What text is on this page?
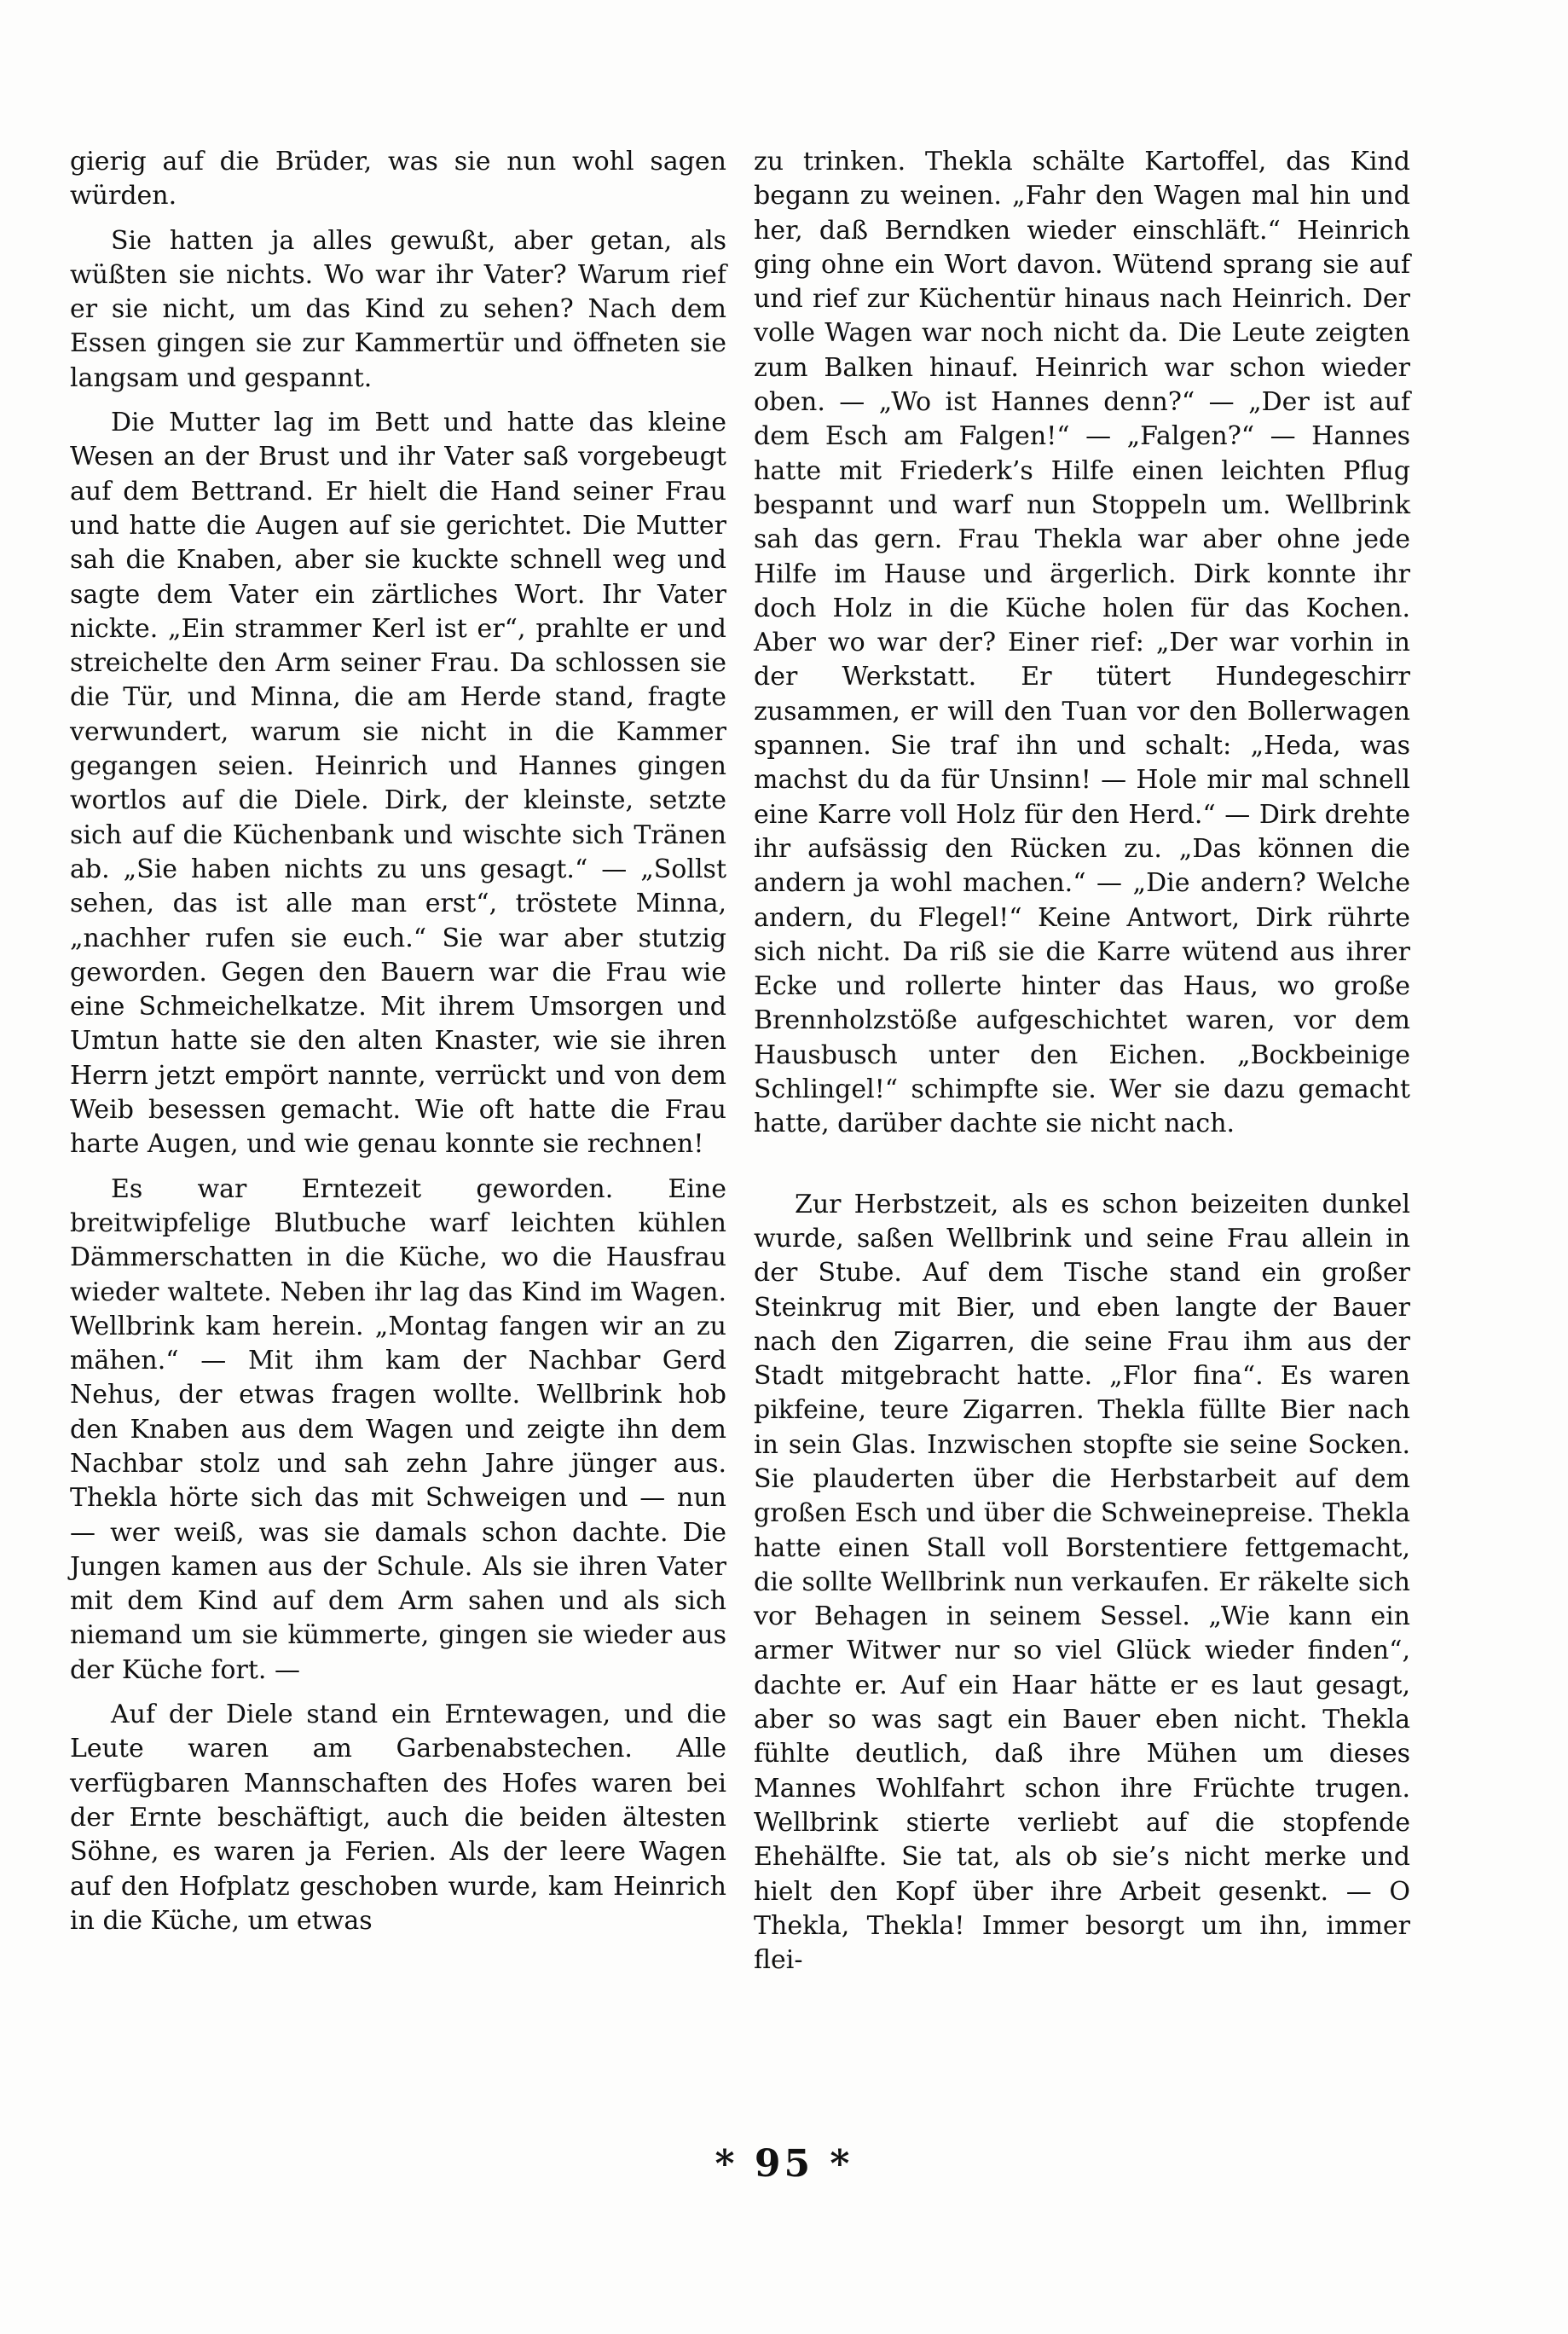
gierig auf die Brüder, was sie nun wohl sagen würden.

Sie hatten ja alles gewußt, aber getan, als wüßten sie nichts. Wo war ihr Vater? Warum rief er sie nicht, um das Kind zu sehen? Nach dem Essen gingen sie zur Kammertür und öffneten sie langsam und gespannt.

Die Mutter lag im Bett und hatte das kleine Wesen an der Brust und ihr Vater saß vorgebeugt auf dem Bettrand. Er hielt die Hand seiner Frau und hatte die Augen auf sie gerichtet. Die Mutter sah die Knaben, aber sie kuckte schnell weg und sagte dem Vater ein zärtliches Wort. Ihr Vater nickte. „Ein strammer Kerl ist er“, prahlte er und streichelte den Arm seiner Frau. Da schlossen sie die Tür, und Minna, die am Herde stand, fragte verwundert, warum sie nicht in die Kammer gegangen seien. Heinrich und Hannes gingen wortlos auf die Diele. Dirk, der kleinste, setzte sich auf die Küchenbank und wischte sich Tränen ab. „Sie haben nichts zu uns gesagt.“ — „Sollst sehen, das ist alle man erst“, tröstete Minna, „nachher rufen sie euch.“ Sie war aber stutzig geworden. Gegen den Bauern war die Frau wie eine Schmeichelkatze. Mit ihrem Umsorgen und Umtun hatte sie den alten Knaster, wie sie ihren Herrn jetzt empört nannte, verrückt und von dem Weib besessen gemacht. Wie oft hatte die Frau harte Augen, und wie genau konnte sie rechnen!

Es war Erntezeit geworden. Eine breitwipfelige Blutbuche warf leichten kühlen Dämmerschatten in die Küche, wo die Hausfrau wieder waltete. Neben ihr lag das Kind im Wagen. Wellbrink kam herein. „Montag fangen wir an zu mähen.“ — Mit ihm kam der Nachbar Gerd Nehus, der etwas fragen wollte. Wellbrink hob den Knaben aus dem Wagen und zeigte ihn dem Nachbar stolz und sah zehn Jahre jünger aus. Thekla hörte sich das mit Schweigen und — nun — wer weiß, was sie damals schon dachte. Die Jungen kamen aus der Schule. Als sie ihren Vater mit dem Kind auf dem Arm sahen und als sich niemand um sie kümmerte, gingen sie wieder aus der Küche fort. —

Auf der Diele stand ein Erntewagen, und die Leute waren am Garbenabstechen. Alle verfügbaren Mannschaften des Hofes waren bei der Ernte beschäftigt, auch die beiden ältesten Söhne, es waren ja Ferien. Als der leere Wagen auf den Hofplatz geschoben wurde, kam Heinrich in die Küche, um etwas

zu trinken. Thekla schälte Kartoffel, das Kind begann zu weinen. „Fahr den Wagen mal hin und her, daß Berndken wieder einschläft.“ Heinrich ging ohne ein Wort davon. Wütend sprang sie auf und rief zur Küchentür hinaus nach Heinrich. Der volle Wagen war noch nicht da. Die Leute zeigten zum Balken hinauf. Heinrich war schon wieder oben. — „Wo ist Hannes denn?“ — „Der ist auf dem Esch am Falgen!“ — „Falgen?“ — Hannes hatte mit Friederk’s Hilfe einen leichten Pflug bespannt und warf nun Stoppeln um. Wellbrink sah das gern. Frau Thekla war aber ohne jede Hilfe im Hause und ärgerlich. Dirk konnte ihr doch Holz in die Küche holen für das Kochen. Aber wo war der? Einer rief: „Der war vorhin in der Werkstatt. Er tütert Hundegeschirr zusammen, er will den Tuan vor den Bollerwagen spannen. Sie traf ihn und schalt: „Heda, was machst du da für Unsinn! — Hole mir mal schnell eine Karre voll Holz für den Herd.“ — Dirk drehte ihr aufsässig den Rücken zu. „Das können die andern ja wohl machen.“ — „Die andern? Welche andern, du Flegel!“ Keine Antwort, Dirk rührte sich nicht. Da riß sie die Karre wütend aus ihrer Ecke und rollerte hinter das Haus, wo große Brennholzstöße aufgeschichtet waren, vor dem Hausbusch unter den Eichen. „Bockbeinige Schlingel!“ schimpfte sie. Wer sie dazu gemacht hatte, darüber dachte sie nicht nach.

Zur Herbstzeit, als es schon beizeiten dunkel wurde, saßen Wellbrink und seine Frau allein in der Stube. Auf dem Tische stand ein großer Steinkrug mit Bier, und eben langte der Bauer nach den Zigarren, die seine Frau ihm aus der Stadt mitgebracht hatte. „Flor fina“. Es waren pikfeine, teure Zigarren. Thekla füllte Bier nach in sein Glas. Inzwischen stopfte sie seine Socken. Sie plauderten über die Herbstarbeit auf dem großen Esch und über die Schweinepreise. Thekla hatte einen Stall voll Borstentiere fettgemacht, die sollte Wellbrink nun verkaufen. Er räkelte sich vor Behagen in seinem Sessel. „Wie kann ein armer Witwer nur so viel Glück wieder finden“, dachte er. Auf ein Haar hätte er es laut gesagt, aber so was sagt ein Bauer eben nicht. Thekla fühlte deutlich, daß ihre Mühen um dieses Mannes Wohlfahrt schon ihre Früchte trugen. Wellbrink stierte verliebt auf die stopfende Ehehälfte. Sie tat, als ob sie’s nicht merke und hielt den Kopf über ihre Arbeit gesenkt. — O Thekla, Thekla! Immer besorgt um ihn, immer flei-

* 95 *
